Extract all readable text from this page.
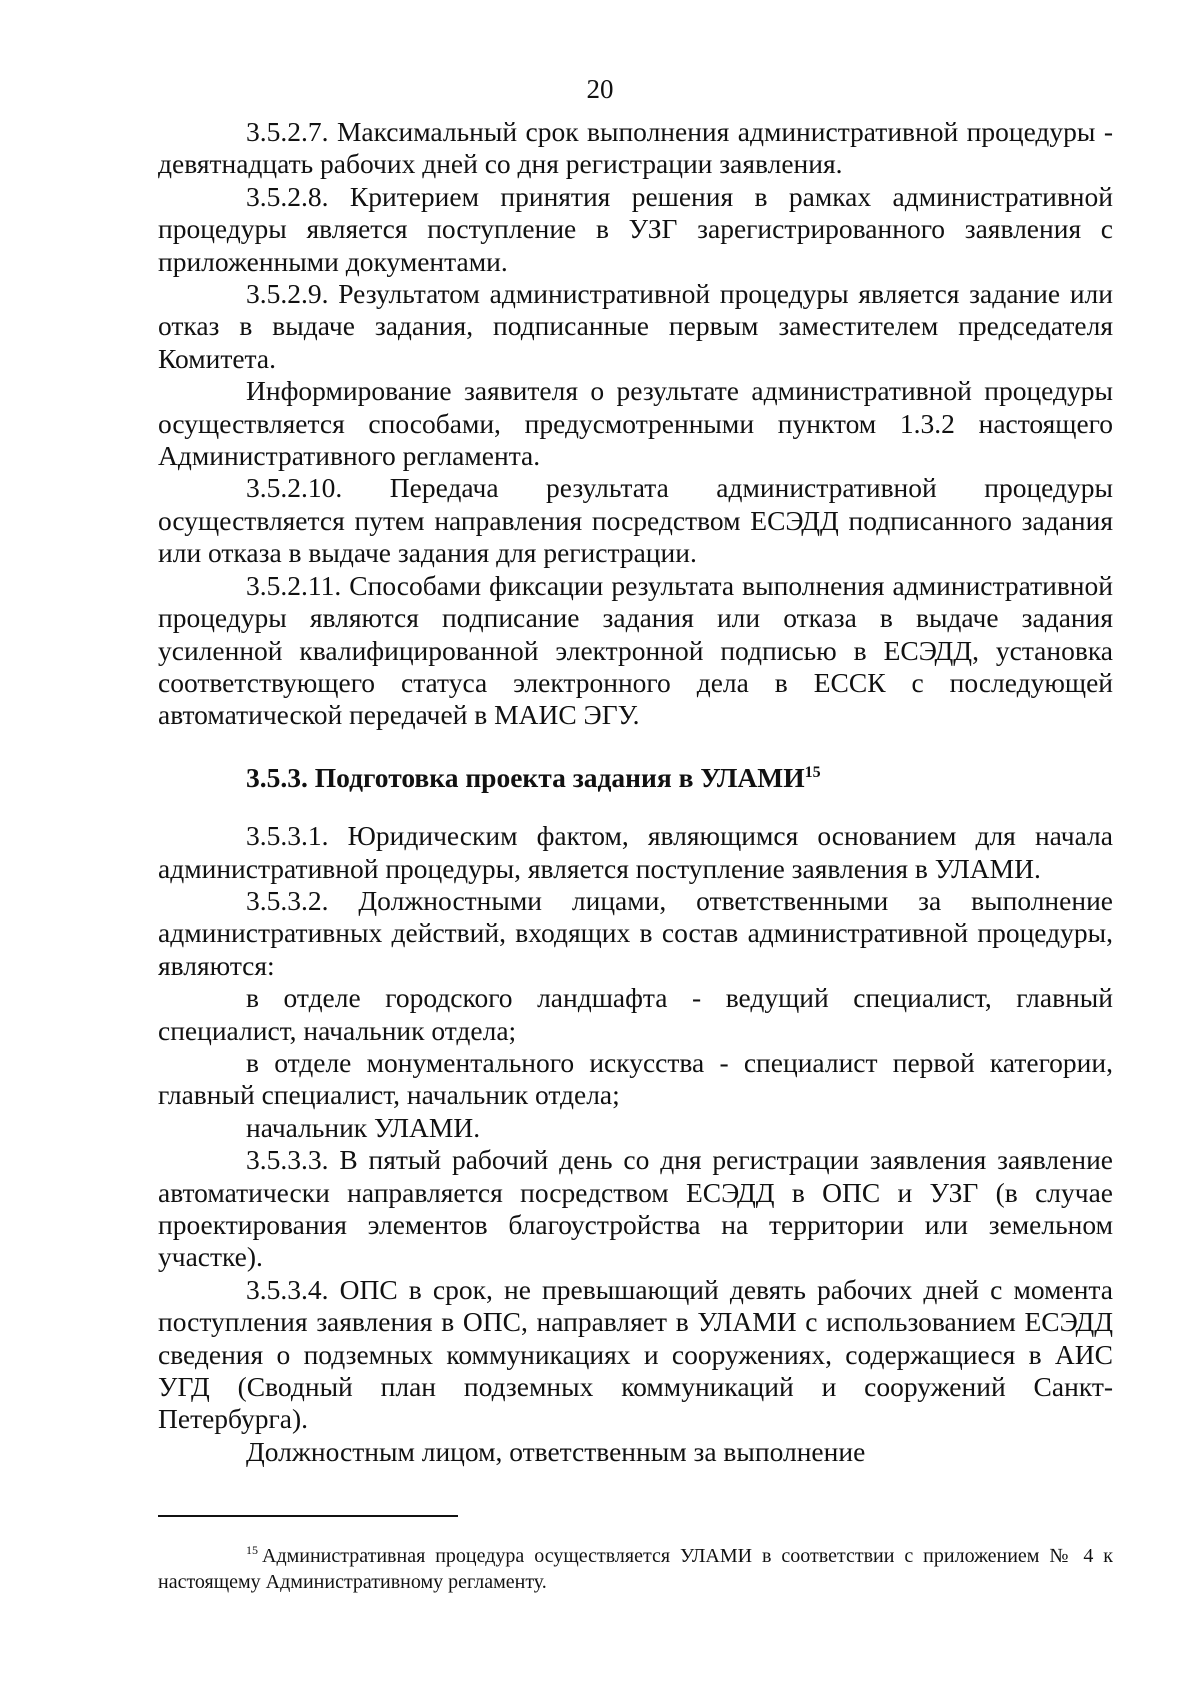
20

3.5.2.7. Максимальный срок выполнения административной процедуры - девятнадцать рабочих дней со дня регистрации заявления.

3.5.2.8. Критерием принятия решения в рамках административной процедуры является поступление в УЗГ зарегистрированного заявления с приложенными документами.

3.5.2.9. Результатом административной процедуры является задание или отказ в выдаче задания, подписанные первым заместителем председателя Комитета.

Информирование заявителя о результате административной процедуры осуществляется способами, предусмотренными пунктом 1.3.2 настоящего Административного регламента.

3.5.2.10. Передача результата административной процедуры осуществляется путем направления посредством ЕСЭДД подписанного задания или отказа в выдаче задания для регистрации.

3.5.2.11. Способами фиксации результата выполнения административной процедуры являются подписание задания или отказа в выдаче задания усиленной квалифицированной электронной подписью в ЕСЭДД, установка соответствующего статуса электронного дела в ЕССК с последующей автоматической передачей в МАИС ЭГУ.

3.5.3. Подготовка проекта задания в УЛАМИ$^{15}$

3.5.3.1. Юридическим фактом, являющимся основанием для начала административной процедуры, является поступление заявления в УЛАМИ.

3.5.3.2. Должностными лицами, ответственными за выполнение административных действий, входящих в состав административной процедуры, являются:

в отделе городского ландшафта - ведущий специалист, главный специалист, начальник отдела;

в отделе монументального искусства - специалист первой категории, главный специалист, начальник отдела;

начальник УЛАМИ.

3.5.3.3. В пятый рабочий день со дня регистрации заявления заявление автоматически направляется посредством ЕСЭДД в ОПС и УЗГ (в случае проектирования элементов благоустройства на территории или земельном участке).

3.5.3.4. ОПС в срок, не превышающий девять рабочих дней с момента поступления заявления в ОПС, направляет в УЛАМИ с использованием ЕСЭДД сведения о подземных коммуникациях и сооружениях, содержащиеся в АИС УГД (Сводный план подземных коммуникаций и сооружений Санкт-Петербурга).

Должностным лицом, ответственным за выполнение

$^{15}$ Административная процедура осуществляется УЛАМИ в соответствии с приложением № 4 к настоящему Административному регламенту.
